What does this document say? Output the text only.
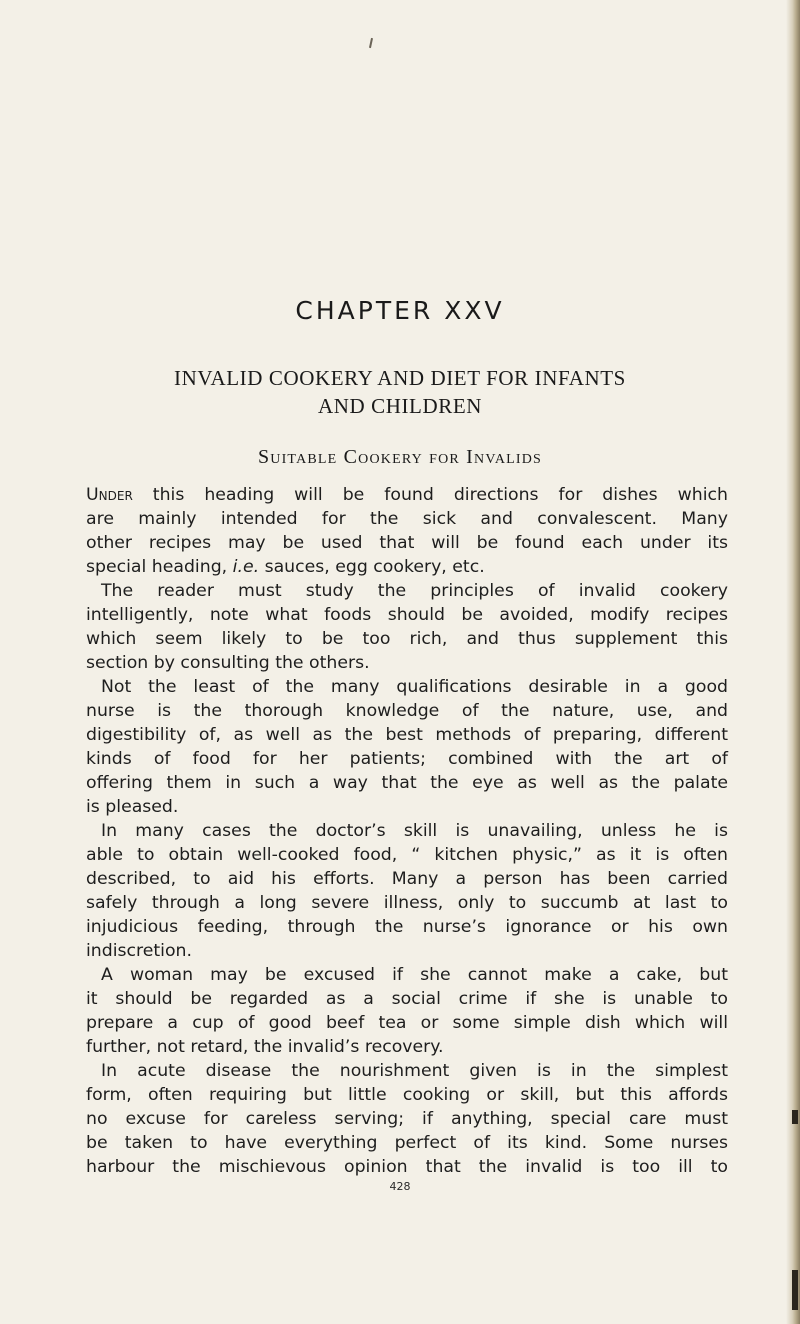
CHAPTER XXV
INVALID COOKERY AND DIET FOR INFANTS
AND CHILDREN
Suitable Cookery for Invalids
Under this heading will be found directions for dishes which
are mainly intended for the sick and convalescent. Many
other recipes may be used that will be found each under its
special heading, i.e. sauces, egg cookery, etc.
The reader must study the principles of invalid cookery
intelligently, note what foods should be avoided, modify recipes
which seem likely to be too rich, and thus supplement this
section by consulting the others.
Not the least of the many qualifications desirable in a good
nurse is the thorough knowledge of the nature, use, and
digestibility of, as well as the best methods of preparing, different
kinds of food for her patients; combined with the art of
offering them in such a way that the eye as well as the palate
is pleased.
In many cases the doctor’s skill is unavailing, unless he is
able to obtain well-cooked food, “ kitchen physic,” as it is often
described, to aid his efforts. Many a person has been carried
safely through a long severe illness, only to succumb at last to
injudicious feeding, through the nurse’s ignorance or his own
indiscretion.
A woman may be excused if she cannot make a cake, but
it should be regarded as a social crime if she is unable to
prepare a cup of good beef tea or some simple dish which will
further, not retard, the invalid’s recovery.
In acute disease the nourishment given is in the simplest
form, often requiring but little cooking or skill, but this affords
no excuse for careless serving; if anything, special care must
be taken to have everything perfect of its kind. Some nurses
harbour the mischievous opinion that the invalid is too ill to
428
